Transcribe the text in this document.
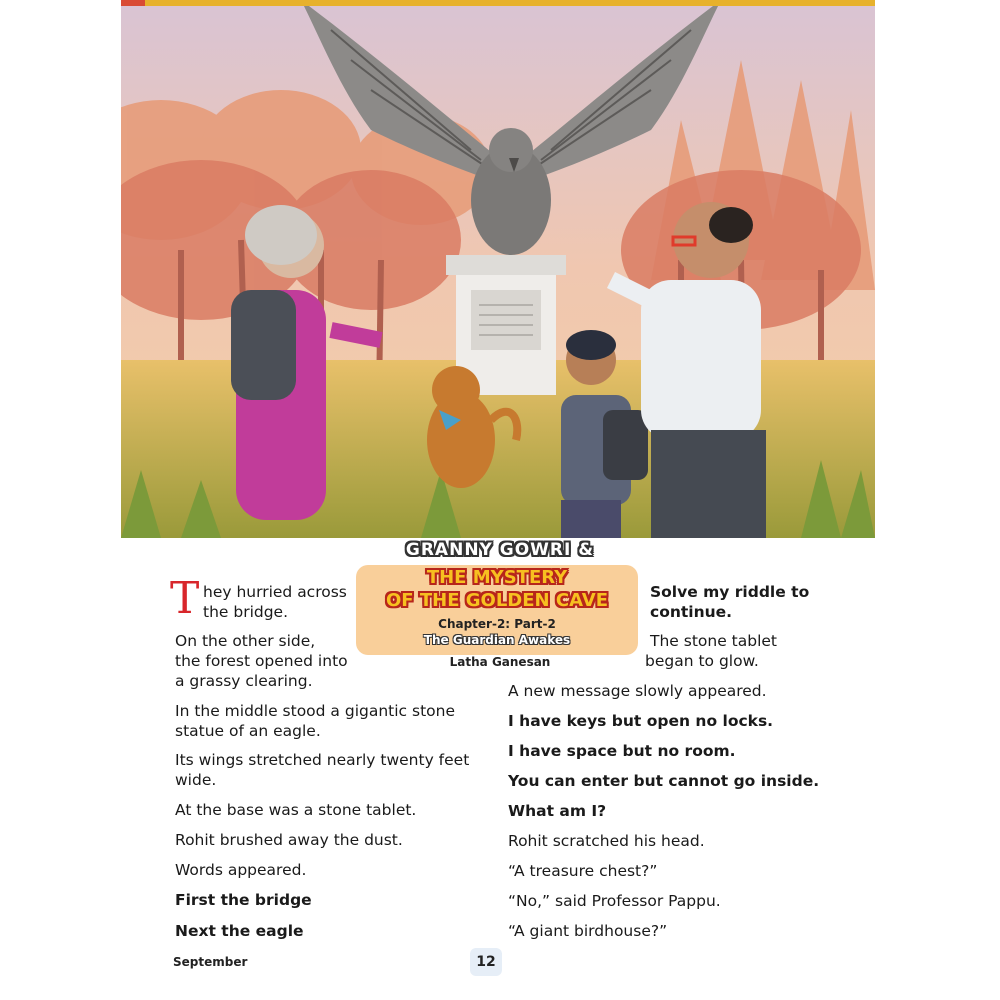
GRANNY GOWRI &
THE MYSTERY
OF THE GOLDEN CAVE
Chapter-2: Part-2
The Guardian Awakes
Latha Ganesan
T hey hurried across
the bridge.
On the other side,
the forest opened into
a grassy clearing.
In the middle stood a gigantic stone
statue of an eagle.
Its wings stretched nearly twenty feet
wide.
At the base was a stone tablet.
Rohit brushed away the dust.
Words appeared.
First the bridge
Next the eagle
Solve my riddle to
continue.
The stone tablet
began to glow.
A new message slowly appeared.
I have keys but open no locks.
I have space but no room.
You can enter but cannot go inside.
What am I?
Rohit scratched his head.
“A treasure chest?”
“No,” said Professor Pappu.
“A giant birdhouse?”
September	12
